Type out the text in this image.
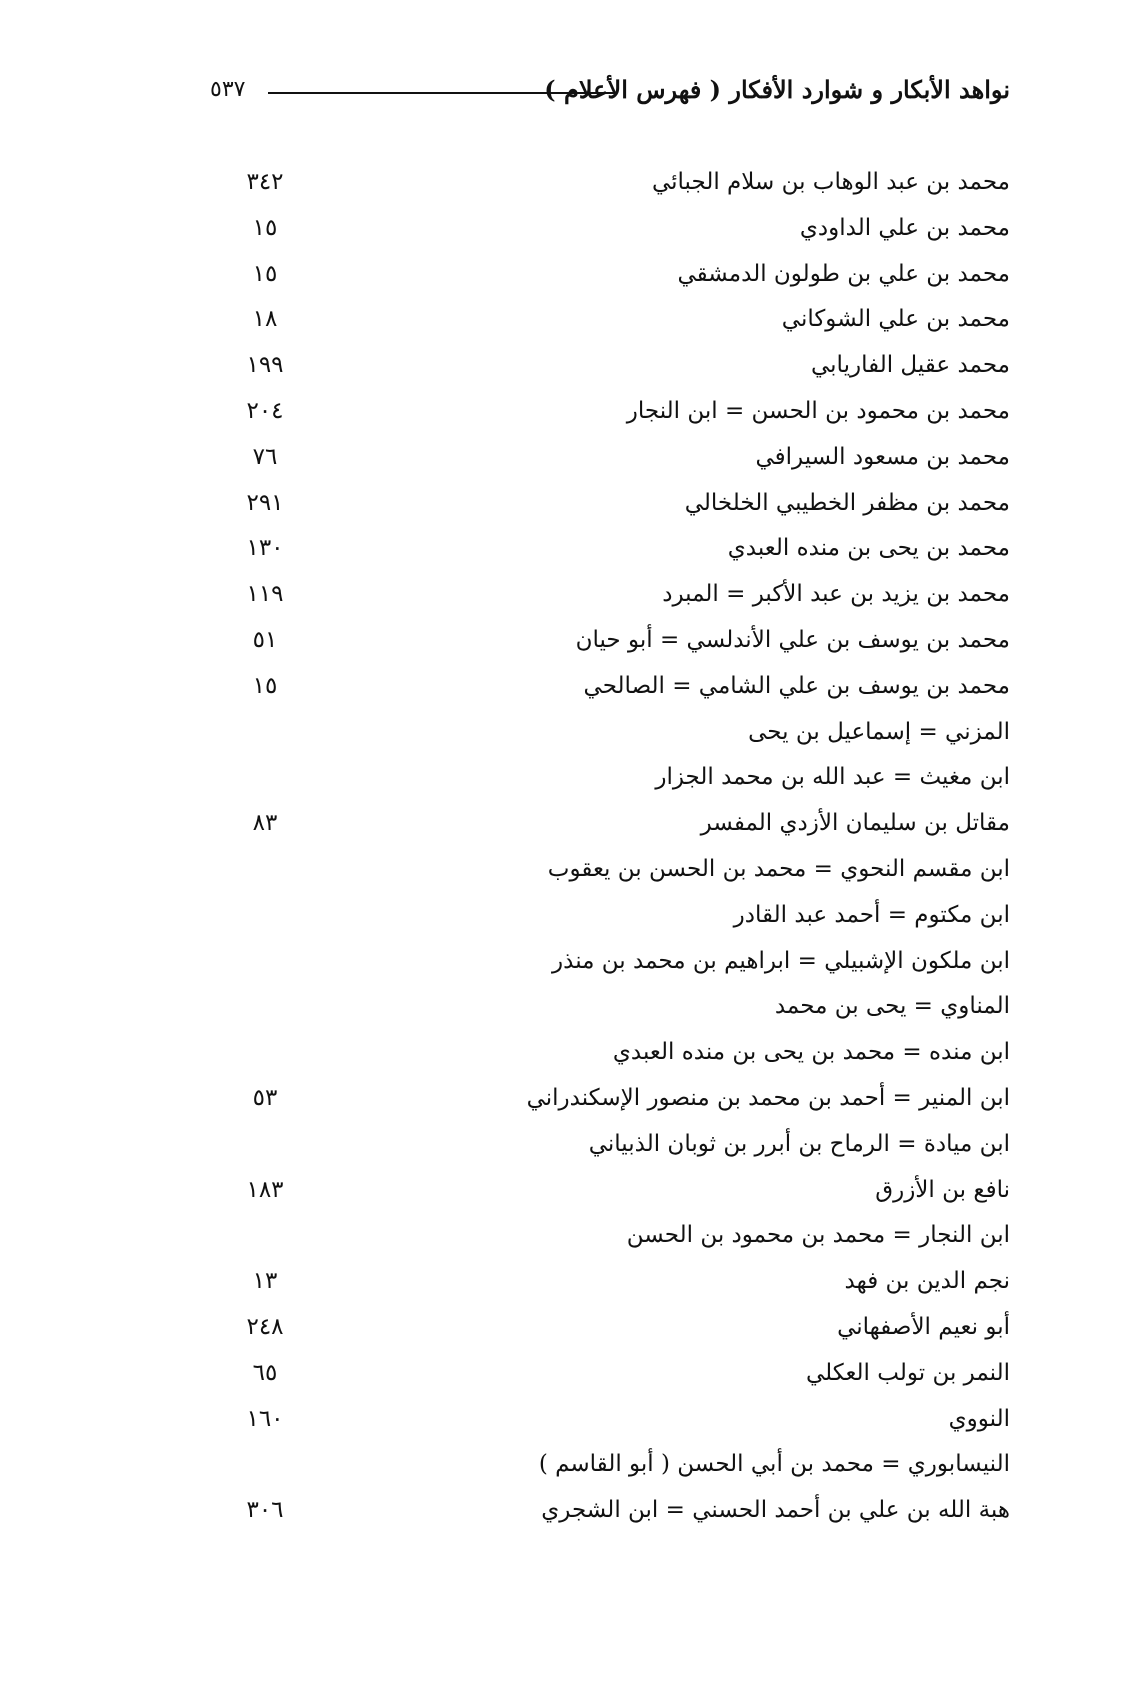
نواهد الأبكار و شوارد الأفكار ( فهرس الأعلام )
٥٣٧
محمد بن عبد الوهاب بن سلام الجبائي
٣٤٢
محمد بن علي الداودي
١٥
محمد بن علي بن طولون الدمشقي
١٥
محمد بن علي الشوكاني
١٨
محمد عقيل الفاريابي
١٩٩
محمد بن محمود بن الحسن = ابن النجار
٢٠٤
محمد بن مسعود السيرافي
٧٦
محمد بن مظفر الخطيبي الخلخالي
٢٩١
محمد بن يحى بن منده العبدي
١٣٠
محمد بن يزيد بن عبد الأكبر = المبرد
١١٩
محمد بن يوسف بن علي الأندلسي = أبو حيان
٥١
محمد بن يوسف بن علي الشامي = الصالحي
١٥
المزني = إسماعيل بن يحى
ابن مغيث = عبد الله بن محمد الجزار
مقاتل بن سليمان الأزدي المفسر
٨٣
ابن مقسم النحوي = محمد بن الحسن بن يعقوب
ابن مكتوم = أحمد عبد القادر
ابن ملكون الإشبيلي = ابراهيم بن محمد بن منذر
المناوي = يحى بن محمد
ابن منده = محمد بن يحى بن منده العبدي
ابن المنير = أحمد بن محمد بن منصور الإسكندراني
٥٣
ابن ميادة = الرماح بن أبرر بن ثوبان الذبياني
نافع بن الأزرق
١٨٣
ابن النجار = محمد بن محمود بن الحسن
نجم الدين بن فهد
١٣
أبو نعيم الأصفهاني
٢٤٨
النمر بن تولب العكلي
٦٥
النووي
١٦٠
النيسابوري = محمد بن أبي الحسن ( أبو القاسم )
هبة الله بن علي بن أحمد الحسني = ابن الشجري
٣٠٦
